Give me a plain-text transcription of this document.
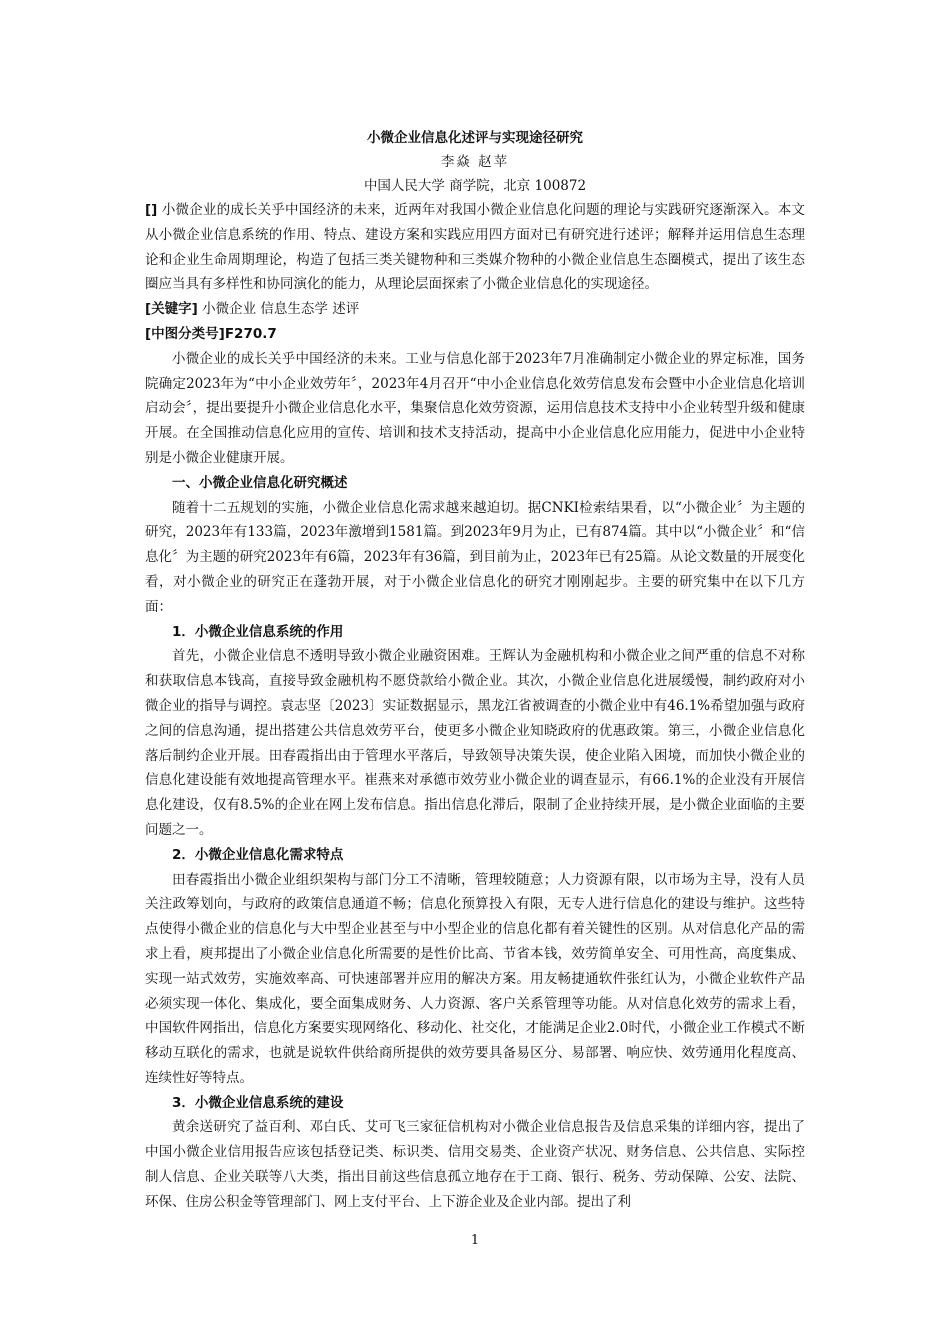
小微企业信息化述评与实现途径研究
李焱 赵苹
中国人民大学 商学院，北京 100872

[] 小微企业的成长关乎中国经济的未来，近两年对我国小微企业信息化问题的理论与实践研究逐渐深入。本文从小微企业信息系统的作用、特点、建设方案和实践应用四方面对已有研究进行述评；解释并运用信息生态理论和企业生命周期理论，构造了包括三类关键物种和三类媒介物种的小微企业信息生态圈模式，提出了该生态圈应当具有多样性和协同演化的能力，从理论层面探索了小微企业信息化的实现途径。

[关键字] 小微企业 信息生态学 述评

[中图分类号]F270.7

小微企业的成长关乎中国经济的未来。工业与信息化部于2023年7月准确制定小微企业的界定标准，国务院确定2023年为“中小企业效劳年〞，2023年4月召开“中小企业信息化效劳信息发布会暨中小企业信息化培训启动会〞，提出要提升小微企业信息化水平，集聚信息化效劳资源，运用信息技术支持中小企业转型升级和健康开展。在全国推动信息化应用的宣传、培训和技术支持活动，提高中小企业信息化应用能力，促进中小企业特别是小微企业健康开展。

一、小微企业信息化研究概述

随着十二五规划的实施，小微企业信息化需求越来越迫切。据CNKI检索结果看，以“小微企业〞为主题的研究，2023年有133篇，2023年激增到1581篇。到2023年9月为止，已有874篇。其中以“小微企业〞和“信息化〞为主题的研究2023年有6篇，2023年有36篇，到目前为止，2023年已有25篇。从论文数量的开展变化看，对小微企业的研究正在蓬勃开展，对于小微企业信息化的研究才刚刚起步。主要的研究集中在以下几方面：

1．小微企业信息系统的作用

首先，小微企业信息不透明导致小微企业融资困难。王辉认为金融机构和小微企业之间严重的信息不对称和获取信息本钱高，直接导致金融机构不愿贷款给小微企业。其次，小微企业信息化进展缓慢，制约政府对小微企业的指导与调控。袁志坚〔2023〕实证数据显示，黑龙江省被调查的小微企业中有46.1%希望加强与政府之间的信息沟通，提出搭建公共信息效劳平台，使更多小微企业知晓政府的优惠政策。第三，小微企业信息化落后制约企业开展。田春霞指出由于管理水平落后，导致领导决策失误，使企业陷入困境，而加快小微企业的信息化建设能有效地提高管理水平。崔燕来对承德市效劳业小微企业的调查显示，有66.1%的企业没有开展信息化建设，仅有8.5%的企业在网上发布信息。指出信息化滞后，限制了企业持续开展，是小微企业面临的主要问题之一。

2．小微企业信息化需求特点

田春霞指出小微企业组织架构与部门分工不清晰，管理较随意；人力资源有限，以市场为主导，没有人员关注政筹划向，与政府的政策信息通道不畅；信息化预算投入有限，无专人进行信息化的建设与维护。这些特点使得小微企业的信息化与大中型企业甚至与中小型企业的信息化都有着关键性的区别。从对信息化产品的需求上看，庾邦提出了小微企业信息化所需要的是性价比高、节省本钱，效劳简单安全、可用性高，高度集成、实现一站式效劳，实施效率高、可快速部署并应用的解决方案。用友畅捷通软件张红认为，小微企业软件产品必须实现一体化、集成化，要全面集成财务、人力资源、客户关系管理等功能。从对信息化效劳的需求上看，中国软件网指出，信息化方案要实现网络化、移动化、社交化，才能满足企业2.0时代，小微企业工作模式不断移动互联化的需求，也就是说软件供给商所提供的效劳要具备易区分、易部署、响应快、效劳通用化程度高、连续性好等特点。

3．小微企业信息系统的建设

黄余送研究了益百利、邓白氏、艾可飞三家征信机构对小微企业信息报告及信息采集的详细内容，提出了中国小微企业信用报告应该包括登记类、标识类、信用交易类、企业资产状况、财务信息、公共信息、实际控制人信息、企业关联等八大类，指出目前这些信息孤立地存在于工商、银行、税务、劳动保障、公安、法院、环保、住房公积金等管理部门、网上支付平台、上下游企业及企业内部。提出了利

1
